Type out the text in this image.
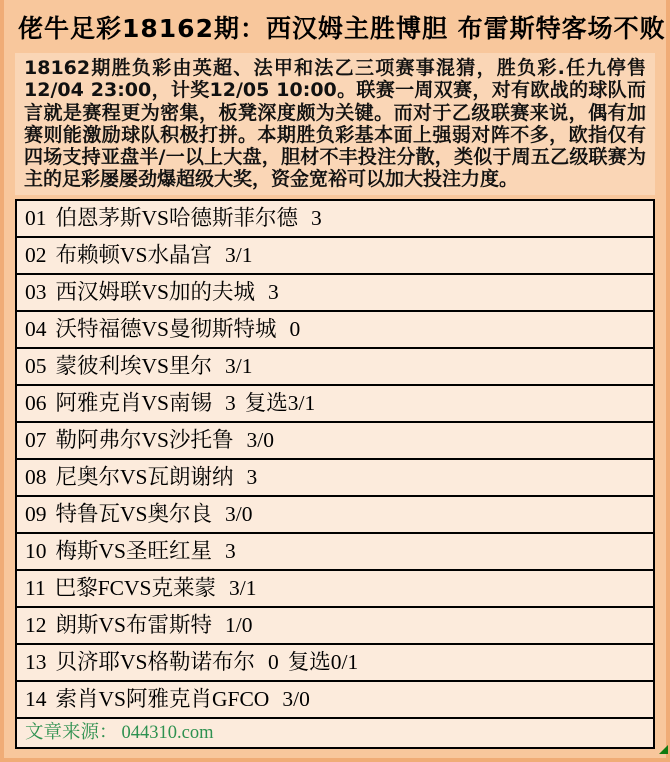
佬牛足彩18162期：西汉姆主胜博胆 布雷斯特客场不败
18162期胜负彩由英超、法甲和法乙三项赛事混猜，胜负彩.任九停售12/04 23:00，计奖12/05 10:00。联赛一周双赛，对有欧战的球队而言就是赛程更为密集，板凳深度颇为关键。而对于乙级联赛来说，偶有加赛则能激励球队积极打拼。本期胜负彩基本面上强弱对阵不多，欧指仅有四场支持亚盘半/一以上大盘，胆材不丰投注分散，类似于周五乙级联赛为主的足彩屡屡劲爆超级大奖，资金宽裕可以加大投注力度。
01 伯恩茅斯VS哈德斯菲尔德 3
02 布赖顿VS水晶宫 3/1
03 西汉姆联VS加的夫城 3
04 沃特福德VS曼彻斯特城 0
05 蒙彼利埃VS里尔 3/1
06 阿雅克肖VS南锡 3 复选3/1
07 勒阿弗尔VS沙托鲁 3/0
08 尼奥尔VS瓦朗谢纳 3
09 特鲁瓦VS奥尔良 3/0
10 梅斯VS圣旺红星 3
11 巴黎FCVS克莱蒙 3/1
12 朗斯VS布雷斯特 1/0
13 贝济耶VS格勒诺布尔 0 复选0/1
14 索肖VS阿雅克肖GFCO 3/0
文章来源： 044310.com
